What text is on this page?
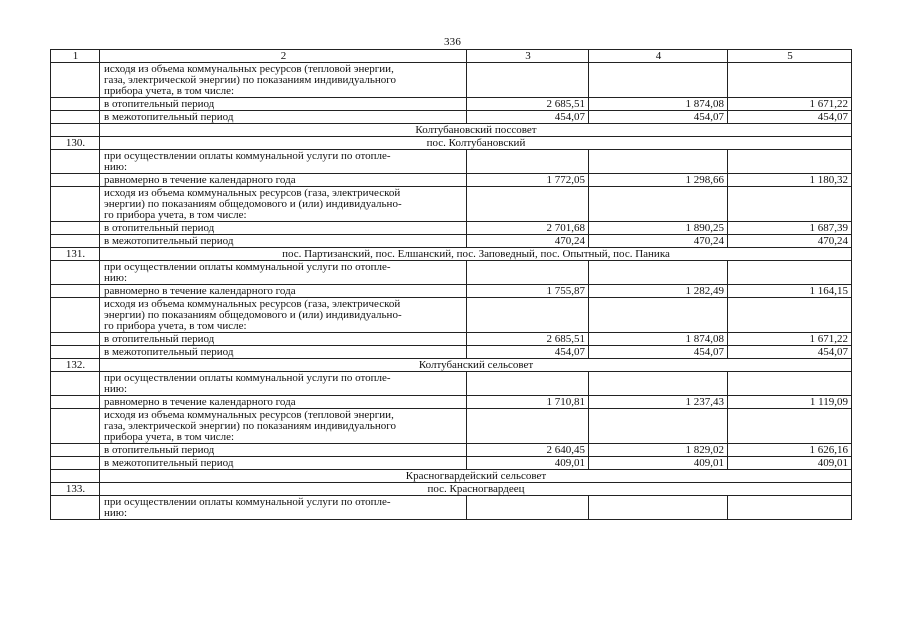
336
1	2	3	4	5
	исходя из объема коммунальных ресурсов (тепловой энергии,
газа, электрической энергии) по показаниям индивидуального
прибора учета, в том числе:			
	в отопительный период	2 685,51	1 874,08	1 671,22
	в межотопительный период	454,07	454,07	454,07
	Колтубановский поссовет			
130.	пос. Колтубановский			
	при осуществлении оплаты коммунальной услуги по отопле-
нию:			
	равномерно в течение календарного года	1 772,05	1 298,66	1 180,32
	исходя из объема коммунальных ресурсов (газа, электрической
энергии) по показаниям общедомового и (или) индивидуально-
го прибора учета, в том числе:			
	в отопительный период	2 701,68	1 890,25	1 687,39
	в межотопительный период	470,24	470,24	470,24
131.	пос. Партизанский, пос. Елшанский, пос. Заповедный, пос. Опытный, пос. Паника			
	при осуществлении оплаты коммунальной услуги по отопле-
нию:			
	равномерно в течение календарного года	1 755,87	1 282,49	1 164,15
	исходя из объема коммунальных ресурсов (газа, электрической
энергии) по показаниям общедомового и (или) индивидуально-
го прибора учета, в том числе:			
	в отопительный период	2 685,51	1 874,08	1 671,22
	в межотопительный период	454,07	454,07	454,07
132.	Колтубанский сельсовет			
	при осуществлении оплаты коммунальной услуги по отопле-
нию:			
	равномерно в течение календарного года	1 710,81	1 237,43	1 119,09
	исходя из объема коммунальных ресурсов (тепловой энергии,
газа, электрической энергии) по показаниям индивидуального
прибора учета, в том числе:			
	в отопительный период	2 640,45	1 829,02	1 626,16
	в межотопительный период	409,01	409,01	409,01
	Красногвардейский сельсовет			
133.	пос. Красногвардеец			
	при осуществлении оплаты коммунальной услуги по отопле-
нию:			
